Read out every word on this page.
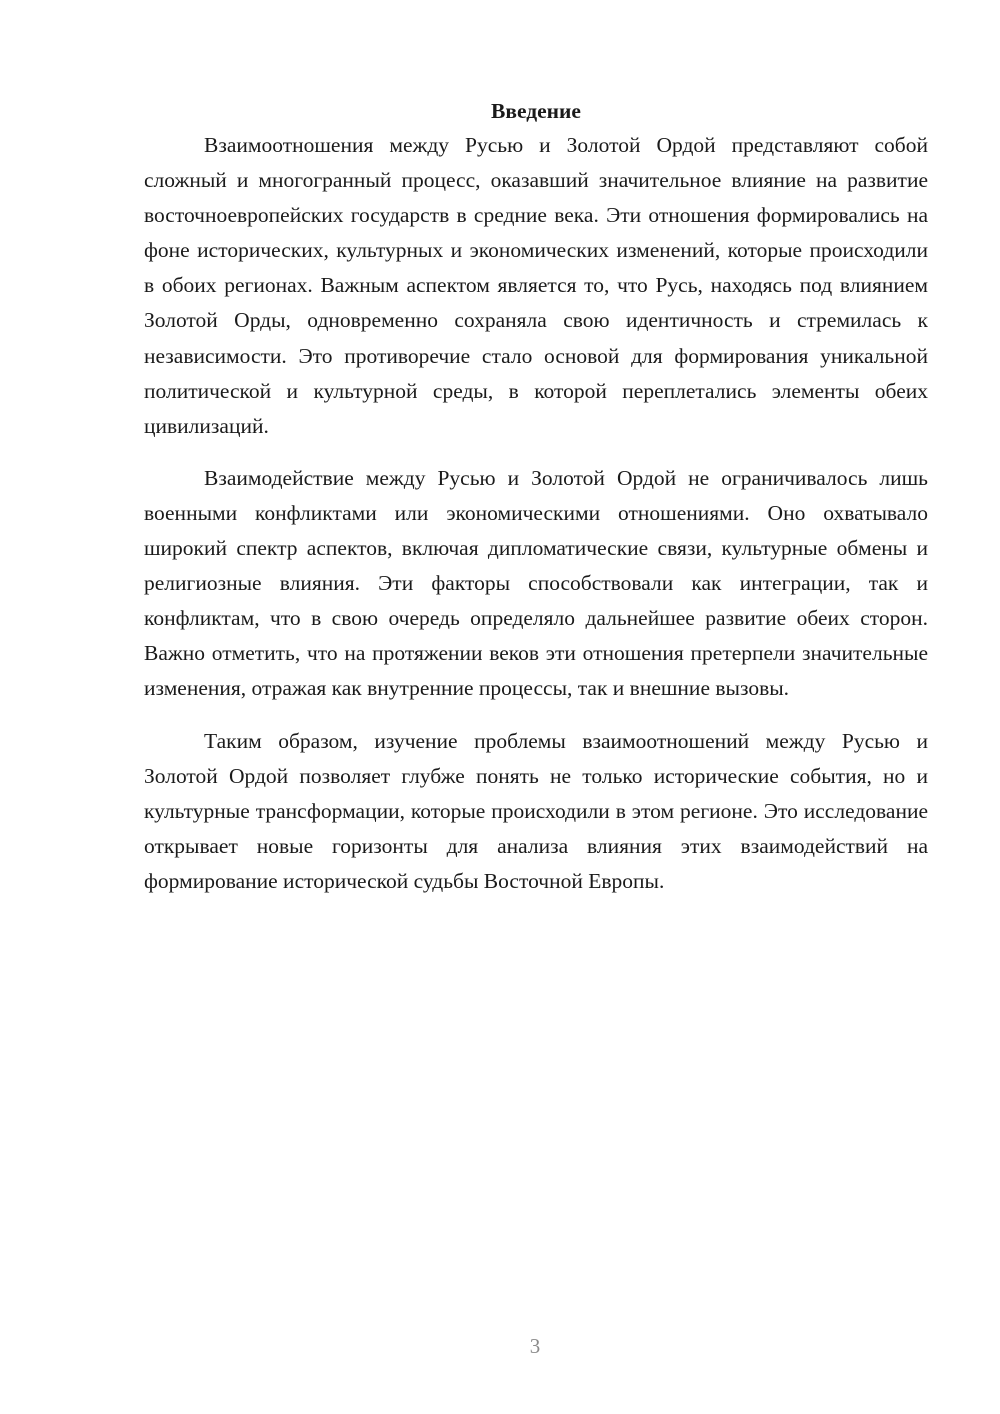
Введение

Взаимоотношения между Русью и Золотой Ордой представляют собой сложный и многогранный процесс, оказавший значительное влияние на развитие восточноевропейских государств в средние века. Эти отношения формировались на фоне исторических, культурных и экономических изменений, которые происходили в обоих регионах. Важным аспектом является то, что Русь, находясь под влиянием Золотой Орды, одновременно сохраняла свою идентичность и стремилась к независимости. Это противоречие стало основой для формирования уникальной политической и культурной среды, в которой переплетались элементы обеих цивилизаций.

Взаимодействие между Русью и Золотой Ордой не ограничивалось лишь военными конфликтами или экономическими отношениями. Оно охватывало широкий спектр аспектов, включая дипломатические связи, культурные обмены и религиозные влияния. Эти факторы способствовали как интеграции, так и конфликтам, что в свою очередь определяло дальнейшее развитие обеих сторон. Важно отметить, что на протяжении веков эти отношения претерпели значительные изменения, отражая как внутренние процессы, так и внешние вызовы.

Таким образом, изучение проблемы взаимоотношений между Русью и Золотой Ордой позволяет глубже понять не только исторические события, но и культурные трансформации, которые происходили в этом регионе. Это исследование открывает новые горизонты для анализа влияния этих взаимодействий на формирование исторической судьбы Восточной Европы.

3
